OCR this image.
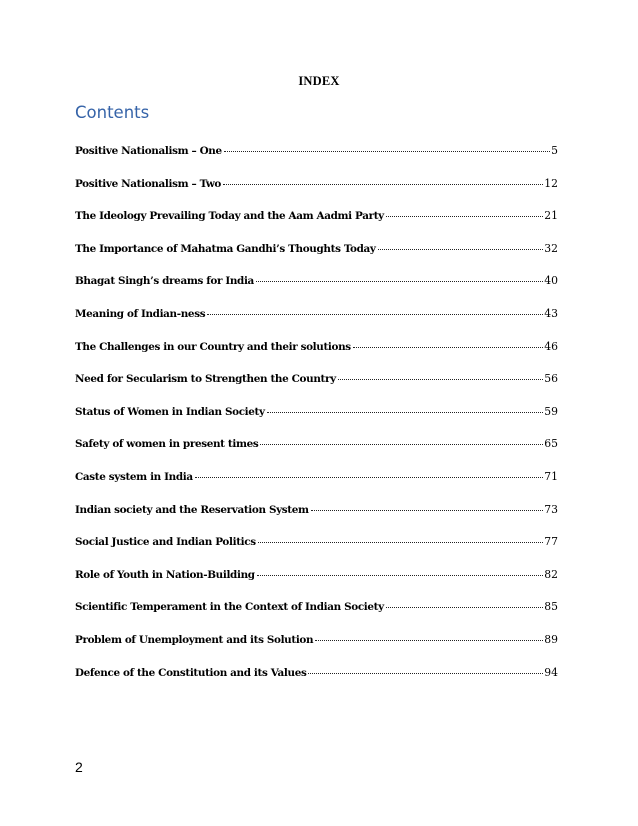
INDEX
Contents
Positive Nationalism – One	5
Positive Nationalism – Two	12
The Ideology Prevailing Today and the Aam Aadmi Party	21
The Importance of Mahatma Gandhi’s Thoughts Today	32
Bhagat Singh’s dreams for India	40
Meaning of Indian-ness	43
The Challenges in our Country and their solutions	46
Need for Secularism to Strengthen the Country	56
Status of Women in Indian Society	59
Safety of women in present times	65
Caste system in India	71
Indian society and the Reservation System	73
Social Justice and Indian Politics	77
Role of Youth in Nation-Building	82
Scientific Temperament in the Context of Indian Society	85
Problem of Unemployment and its Solution	89
Defence of the Constitution and its Values	94
2
